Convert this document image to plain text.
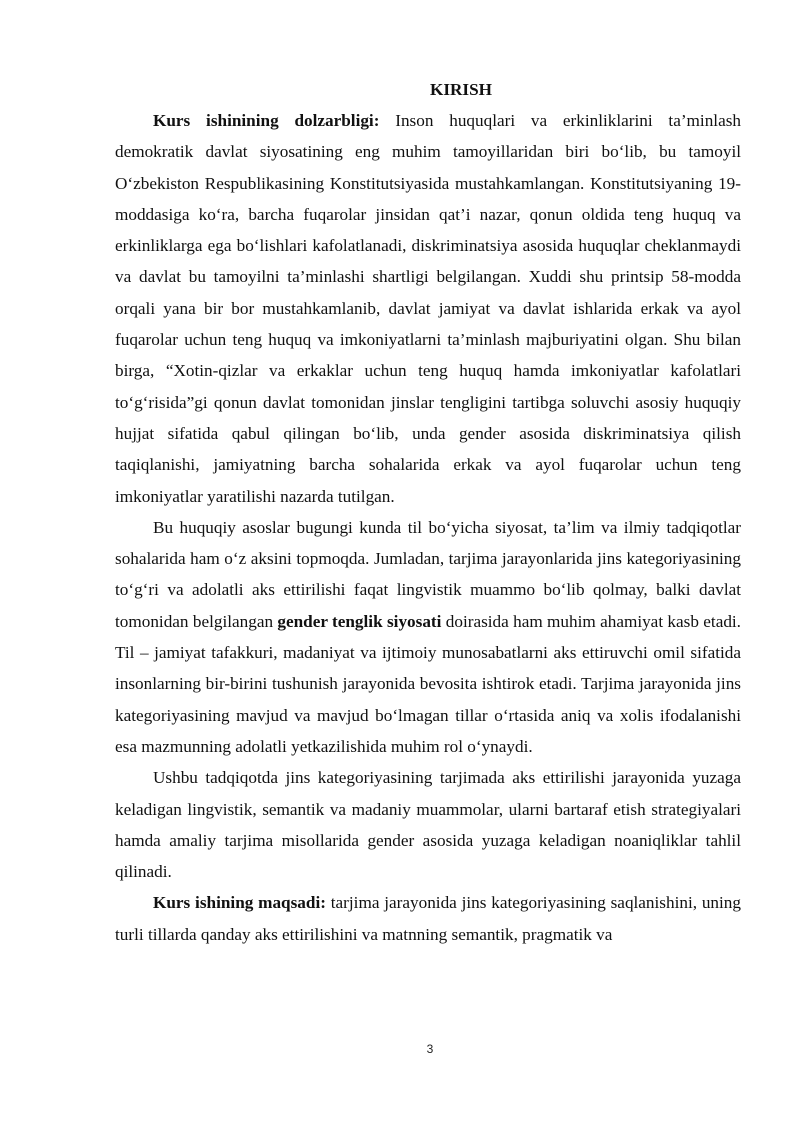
KIRISH

Kurs ishinining dolzarbligi: Inson huquqlari va erkinliklarini ta’minlash demokratik davlat siyosatining eng muhim tamoyillaridan biri bo‘lib, bu tamoyil O‘zbekiston Respublikasining Konstitutsiyasida mustahkamlangan. Konstitutsiyaning 19-moddasiga ko‘ra, barcha fuqarolar jinsidan qat’i nazar, qonun oldida teng huquq va erkinliklarga ega bo‘lishlari kafolatlanadi, diskriminatsiya asosida huquqlar cheklanmaydi va davlat bu tamoyilni ta’minlashi shartligi belgilangan. Xuddi shu printsip 58-modda orqali yana bir bor mustahkamlanib, davlat jamiyat va davlat ishlarida erkak va ayol fuqarolar uchun teng huquq va imkoniyatlarni ta’minlash majburiyatini olgan. Shu bilan birga, “Xotin-qizlar va erkaklar uchun teng huquq hamda imkoniyatlar kafolatlari to‘g‘risida”gi qonun davlat tomonidan jinslar tengligini tartibga soluvchi asosiy huquqiy hujjat sifatida qabul qilingan bo‘lib, unda gender asosida diskriminatsiya qilish taqiqlanishi, jamiyatning barcha sohalarida erkak va ayol fuqarolar uchun teng imkoniyatlar yaratilishi nazarda tutilgan.

Bu huquqiy asoslar bugungi kunda til bo‘yicha siyosat, ta’lim va ilmiy tadqiqotlar sohalarida ham o‘z aksini topmoqda. Jumladan, tarjima jarayonlarida jins kategoriyasining to‘g‘ri va adolatli aks ettirilishi faqat lingvistik muammo bo‘lib qolmay, balki davlat tomonidan belgilangan gender tenglik siyosati doirasida ham muhim ahamiyat kasb etadi. Til – jamiyat tafakkuri, madaniyat va ijtimoiy munosabatlarni aks ettiruvchi omil sifatida insonlarning bir-birini tushunish jarayonida bevosita ishtirok etadi. Tarjima jarayonida jins kategoriyasining mavjud va mavjud bo‘lmagan tillar o‘rtasida aniq va xolis ifodalanishi esa mazmunning adolatli yetkazilishida muhim rol o‘ynaydi.

Ushbu tadqiqotda jins kategoriyasining tarjimada aks ettirilishi jarayonida yuzaga keladigan lingvistik, semantik va madaniy muammolar, ularni bartaraf etish strategiyalari hamda amaliy tarjima misollarida gender asosida yuzaga keladigan noaniqliklar tahlil qilinadi.

Kurs ishining maqsadi: tarjima jarayonida jins kategoriyasining saqlanishini, uning turli tillarda qanday aks ettirilishini va matnning semantik, pragmatik va

3
